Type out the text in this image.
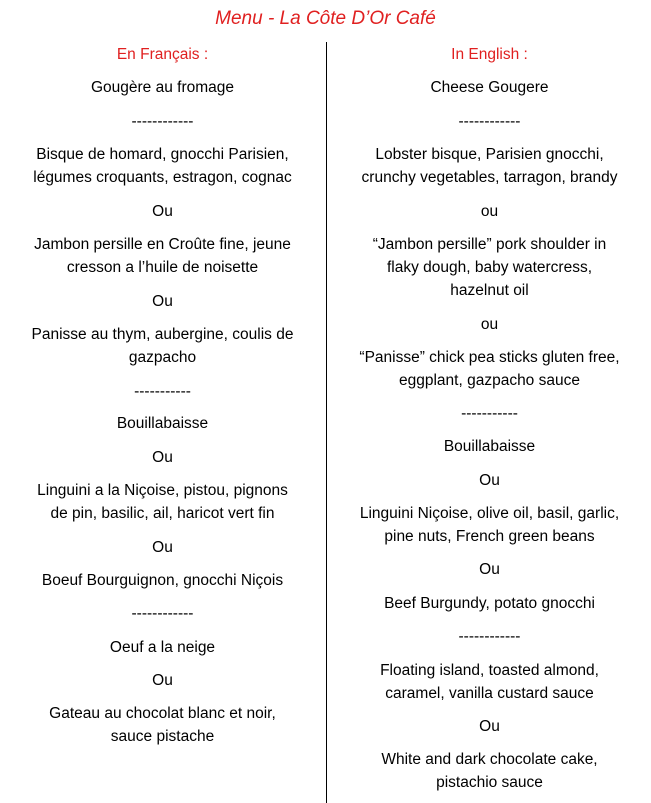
Menu - La Côte D’Or Café
En Français :
Gougère au fromage
------------
Bisque de homard, gnocchi Parisien,
légumes croquants, estragon, cognac
Ou
Jambon persille en Croûte fine, jeune
cresson a l’huile de noisette
Ou
Panisse au thym, aubergine, coulis de
gazpacho
-----------
Bouillabaisse
Ou
Linguini a la Niçoise, pistou, pignons
de pin, basilic, ail, haricot vert fin
Ou
Boeuf Bourguignon, gnocchi Niçois
------------
Oeuf a la neige
Ou
Gateau au chocolat blanc et noir,
sauce pistache
In English :
Cheese Gougere
------------
Lobster bisque, Parisien gnocchi,
crunchy vegetables, tarragon, brandy
ou
“Jambon persille” pork shoulder in
flaky dough, baby watercress,
hazelnut oil
ou
“Panisse” chick pea sticks gluten free,
eggplant, gazpacho sauce
-----------
Bouillabaisse
Ou
Linguini Niçoise, olive oil, basil, garlic,
pine nuts, French green beans
Ou
Beef Burgundy, potato gnocchi
------------
Floating island, toasted almond,
caramel, vanilla custard sauce
Ou
White and dark chocolate cake,
pistachio sauce
